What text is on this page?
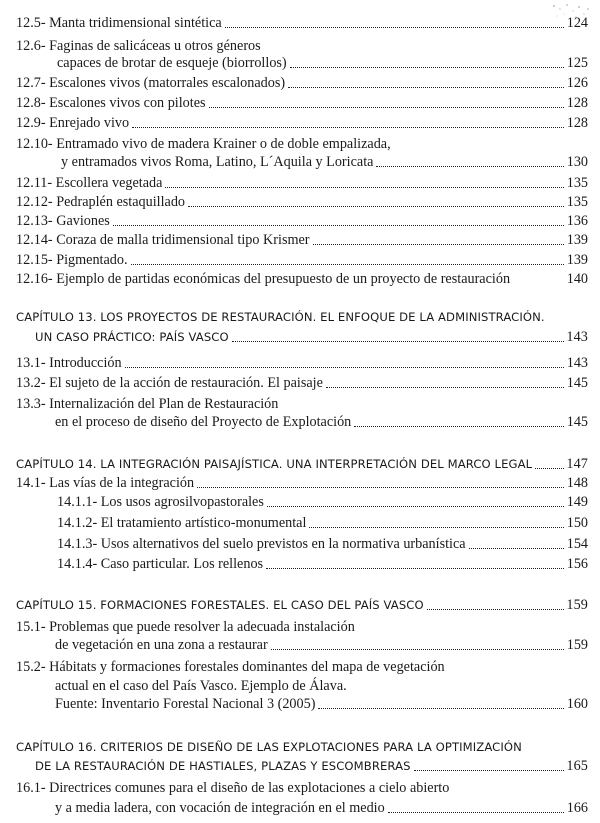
12.5- Manta tridimensional sintética	124
12.6- Faginas de salicáceas u otros géneros
capaces de brotar de esqueje (biorrollos)	125
12.7- Escalones vivos (matorrales escalonados)	126
12.8- Escalones vivos con pilotes	128
12.9- Enrejado vivo	128
12.10- Entramado vivo de madera Krainer o de doble empalizada,
y entramados vivos Roma, Latino, L´Aquila y Loricata	130
12.11- Escollera vegetada	135
12.12- Pedraplén estaquillado	135
12.13- Gaviones	136
12.14- Coraza de malla tridimensional tipo Krismer	139
12.15- Pigmentado.	139
12.16- Ejemplo de partidas económicas del presupuesto de un proyecto de restauración	140
CAPÍTULO 13. LOS PROYECTOS DE RESTAURACIÓN. EL ENFOQUE DE LA ADMINISTRACIÓN.
UN CASO PRÁCTICO: PAÍS VASCO	143
13.1- Introducción	143
13.2- El sujeto de la acción de restauración. El paisaje	145
13.3- Internalización del Plan de Restauración
en el proceso de diseño del Proyecto de Explotación	145
CAPÍTULO 14. LA INTEGRACIÓN PAISAJÍSTICA. UNA INTERPRETACIÓN DEL MARCO LEGAL 147
14.1- Las vías de la integración	148
14.1.1- Los usos agrosilvopastorales	149
14.1.2- El tratamiento artístico-monumental	150
14.1.3- Usos alternativos del suelo previstos en la normativa urbanística	154
14.1.4- Caso particular. Los rellenos	156
CAPÍTULO 15. FORMACIONES FORESTALES. EL CASO DEL PAÍS VASCO	159
15.1- Problemas que puede resolver la adecuada instalación
de vegetación en una zona a restaurar	159
15.2- Hábitats y formaciones forestales dominantes del mapa de vegetación
actual en el caso del País Vasco. Ejemplo de Álava.
Fuente: Inventario Forestal Nacional 3 (2005)	160
CAPÍTULO 16. CRITERIOS DE DISEÑO DE LAS EXPLOTACIONES PARA LA OPTIMIZACIÓN
DE LA RESTAURACIÓN DE HASTIALES, PLAZAS Y ESCOMBRERAS	165
16.1- Directrices comunes para el diseño de las explotaciones a cielo abierto
y a media ladera, con vocación de integración en el medio	166
